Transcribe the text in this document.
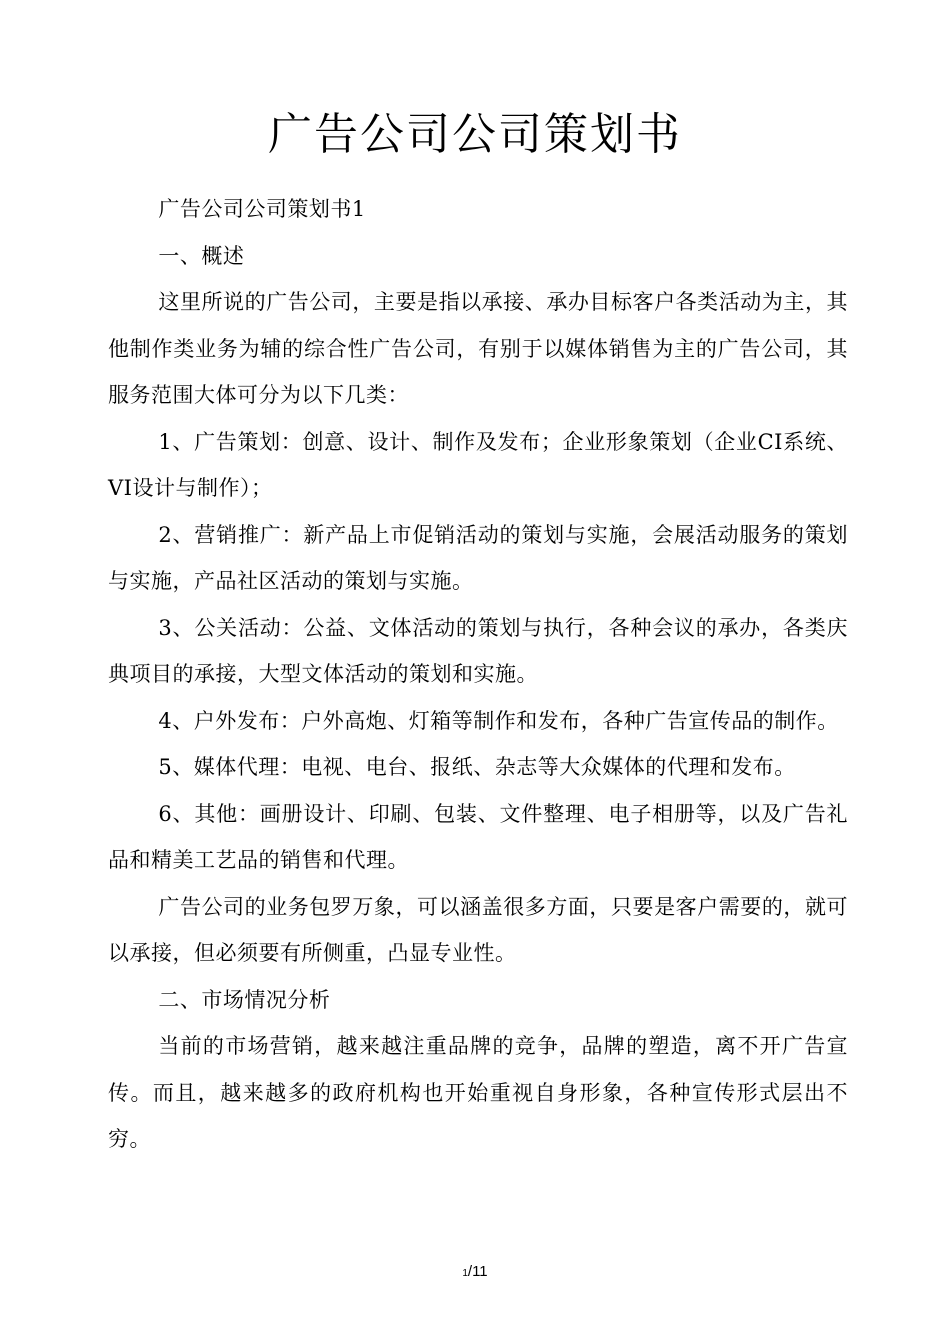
广告公司公司策划书

广告公司公司策划书1

一、概述

这里所说的广告公司，主要是指以承接、承办目标客户各类活动为主，其他制作类业务为辅的综合性广告公司，有别于以媒体销售为主的广告公司，其服务范围大体可分为以下几类：

1、广告策划：创意、设计、制作及发布；企业形象策划（企业CI系统、VI设计与制作）；

2、营销推广：新产品上市促销活动的策划与实施，会展活动服务的策划与实施，产品社区活动的策划与实施。

3、公关活动：公益、文体活动的策划与执行，各种会议的承办，各类庆典项目的承接，大型文体活动的策划和实施。

4、户外发布：户外高炮、灯箱等制作和发布，各种广告宣传品的制作。

5、媒体代理：电视、电台、报纸、杂志等大众媒体的代理和发布。

6、其他：画册设计、印刷、包装、文件整理、电子相册等，以及广告礼品和精美工艺品的销售和代理。

广告公司的业务包罗万象，可以涵盖很多方面，只要是客户需要的，就可以承接，但必须要有所侧重，凸显专业性。

二、市场情况分析

当前的市场营销，越来越注重品牌的竞争，品牌的塑造，离不开广告宣传。而且，越来越多的政府机构也开始重视自身形象，各种宣传形式层出不穷。

1/11
